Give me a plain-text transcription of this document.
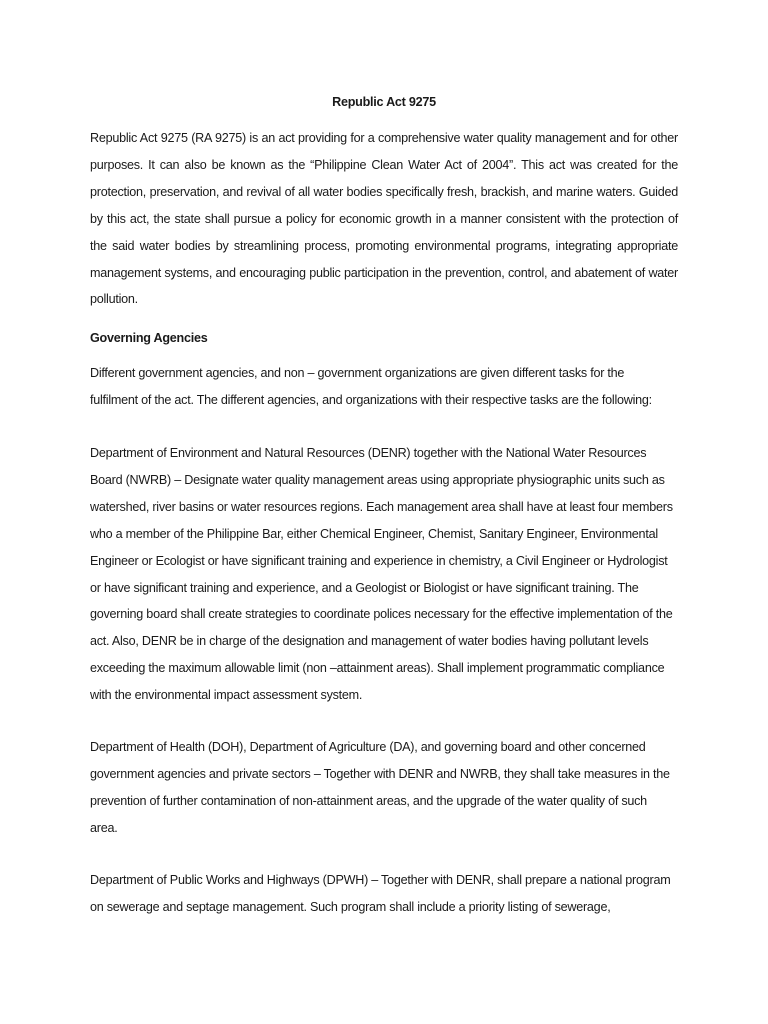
Republic Act 9275

Republic Act 9275 (RA 9275) is an act providing for a comprehensive water quality management and for other purposes. It can also be known as the “Philippine Clean Water Act of 2004”. This act was created for the protection, preservation, and revival of all water bodies specifically fresh, brackish, and marine waters. Guided by this act, the state shall pursue a policy for economic growth in a manner consistent with the protection of the said water bodies by streamlining process, promoting environmental programs, integrating appropriate management systems, and encouraging public participation in the prevention, control, and abatement of water pollution.

Governing Agencies

Different government agencies, and non – government organizations are given different tasks for the fulfilment of the act. The different agencies, and organizations with their respective tasks are the following:

Department of Environment and Natural Resources (DENR) together with the National Water Resources Board (NWRB) – Designate water quality management areas using appropriate physiographic units such as watershed, river basins or water resources regions. Each management area shall have at least four members who a member of the Philippine Bar, either Chemical Engineer, Chemist, Sanitary Engineer, Environmental Engineer or Ecologist or have significant training and experience in chemistry, a Civil Engineer or Hydrologist or have significant training and experience, and a Geologist or Biologist or have significant training. The governing board shall create strategies to coordinate polices necessary for the effective implementation of the act. Also, DENR be in charge of the designation and management of water bodies having pollutant levels exceeding the maximum allowable limit (non –attainment areas). Shall implement programmatic compliance with the environmental impact assessment system.

Department of Health (DOH), Department of Agriculture (DA), and governing board and other concerned government agencies and private sectors – Together with DENR and NWRB, they shall take measures in the prevention of further contamination of non-attainment areas, and the upgrade of the water quality of such area.

Department of Public Works and Highways (DPWH) – Together with DENR, shall prepare a national program on sewerage and septage management. Such program shall include a priority listing of sewerage,
